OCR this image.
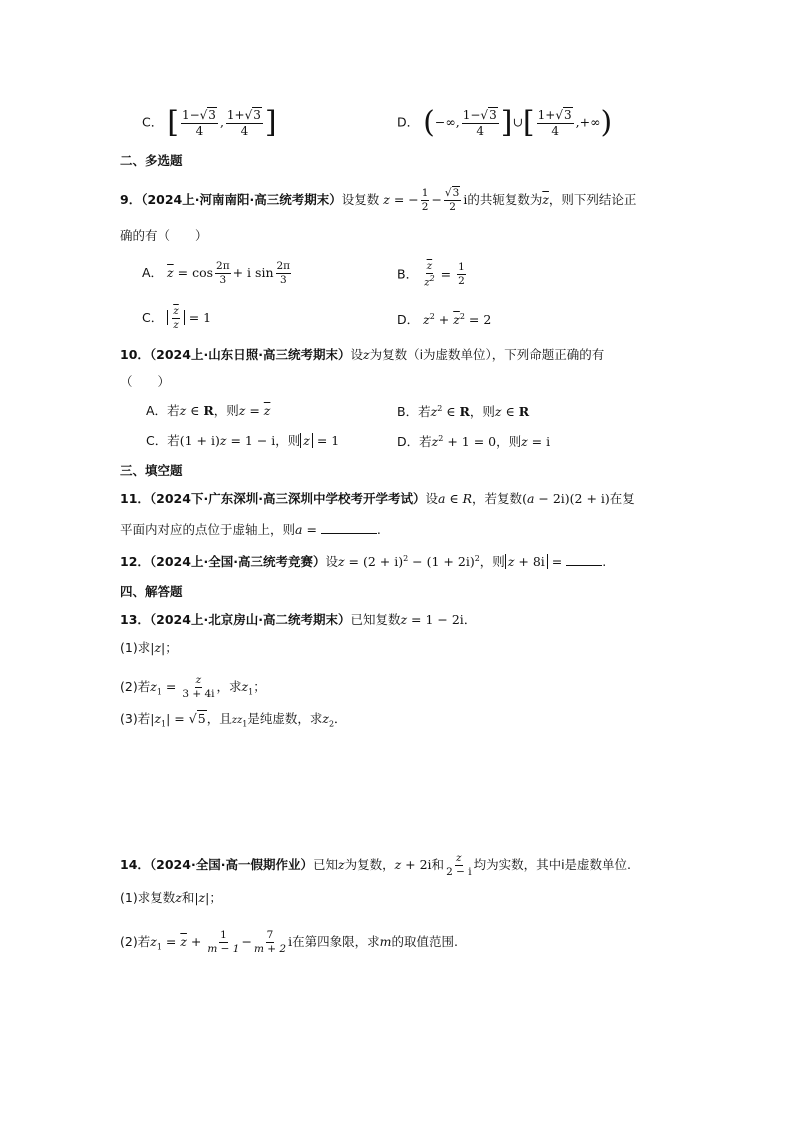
C． [ $\frac{1-√3}{4}$ , $\frac{1+√3}{4}$ ]	D． (−∞, $\frac{1-√3}{4}$ ]∪[ $\frac{1+√3}{4}$ ,+∞)
二、多选题
9．（2024上·河南南阳·高三统考期末）设复数 z = − $\frac{1}{2} - \frac{√3}{2}$ i的共轭复数为$\overline{z}$，则下列结论正
确的有（　　）
A． $\overline{z} = \cos \frac{2\pi}{3} + i$ $\sin \frac{2\pi}{3}$	B． $\frac{\overline{z}}{z^2} = \frac{1}{2}$
C． $\frac{\overline{z}}{z} = 1$	D． $z^2 + \overline{z}^2 = 2$
10．（2024上·山东日照·高三统考期末）设z为复数（i为虚数单位），下列命题正确的有
（　　）
A．若z ∈ R，则$z = \overline{z}$	B．若$z^2$ ∈ R，则z ∈ R
C．若(1 + i)z = 1 − i，则 z = 1	D．若$z^2 + 1 = 0$，则z = i
三、填空题
11．（2024下·广东深圳·高三深圳中学校考开学考试）设a ∈ R，若复数(a − 2i)(2 + i)在复
平面内对应的点位于虚轴上，则a =	.
12．（2024上·全国·高三统考竞赛）设$z = (2 + i)^2 - (1 + 2i)^2$，则 z + 8i =	.
四、解答题
13．（2024上·北京房山·高二统考期末）已知复数z = 1 − 2i．
(1)求|z|；
(2)若$z_1 = \frac{z}{3 + 4i}$ ，求$z_1$；
(3)若$|z_1| = √5$，且$zz_1$是纯虚数，求$z_2$．
14．（2024·全国·高一假期作业）已知z为复数，z + 2i和 $\frac{z}{2 - i}$ 均为实数，其中i是虚数单位.
(1)求复数z和|z|；
(2)若$z_1 = \overline{z} + \frac{1}{m - 1} - \frac{7}{m + 2}$ i在第四象限，求m的取值范围.
